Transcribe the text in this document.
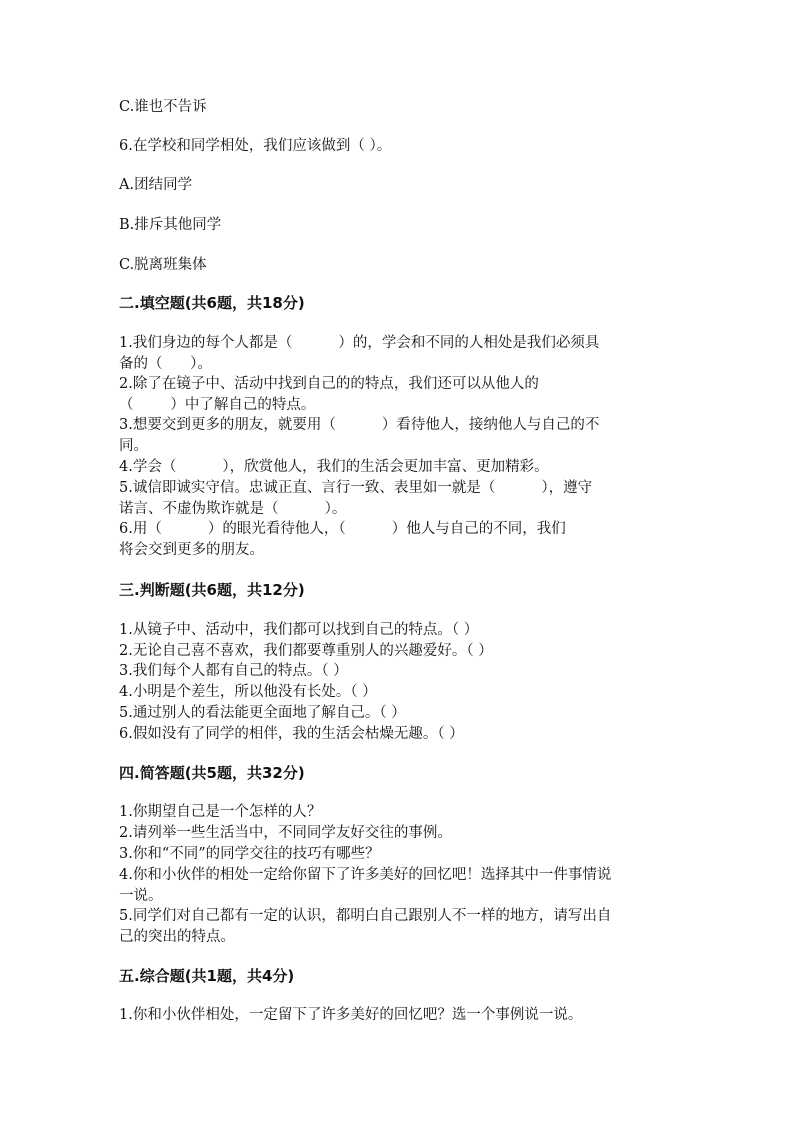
C.谁也不告诉
6.在学校和同学相处，我们应该做到（ ）。
A.团结同学
B.排斥其他同学
C.脱离班集体
二.填空题(共6题，共18分)

1.我们身边的每个人都是（          ）的，学会和不同的人相处是我们必须具

备的（      ）。

2.除了在镜子中、活动中找到自己的的特点，我们还可以从他人的

（        ）中了解自己的特点。

3.想要交到更多的朋友，就要用（          ）看待他人，接纳他人与自己的不

同。

4.学会（          ），欣赏他人，我们的生活会更加丰富、更加精彩。

5.诚信即诚实守信。忠诚正直、言行一致、表里如一就是（          ），遵守

诺言、不虚伪欺诈就是（          ）。

6.用（          ）的眼光看待他人，（          ）他人与自己的不同，我们

将会交到更多的朋友。

三.判断题(共6题，共12分)
1.从镜子中、活动中，我们都可以找到自己的特点。（ ）
2.无论自己喜不喜欢，我们都要尊重别人的兴趣爱好。（ ）
3.我们每个人都有自己的特点。（ ）
4.小明是个差生，所以他没有长处。（ ）
5.通过别人的看法能更全面地了解自己。（ ）
6.假如没有了同学的相伴，我的生活会枯燥无趣。（ ）
四.简答题(共5题，共32分)

1.你期望自己是一个怎样的人？

2.请列举一些生活当中，不同同学友好交往的事例。

3.你和“不同”的同学交往的技巧有哪些？

4.你和小伙伴的相处一定给你留下了许多美好的回忆吧！选择其中一件事情说

一说。

5.同学们对自己都有一定的认识，都明白自己跟别人不一样的地方，请写出自

己的突出的特点。

五.综合题(共1题，共4分)
1.你和小伙伴相处，一定留下了许多美好的回忆吧？选一个事例说一说。
